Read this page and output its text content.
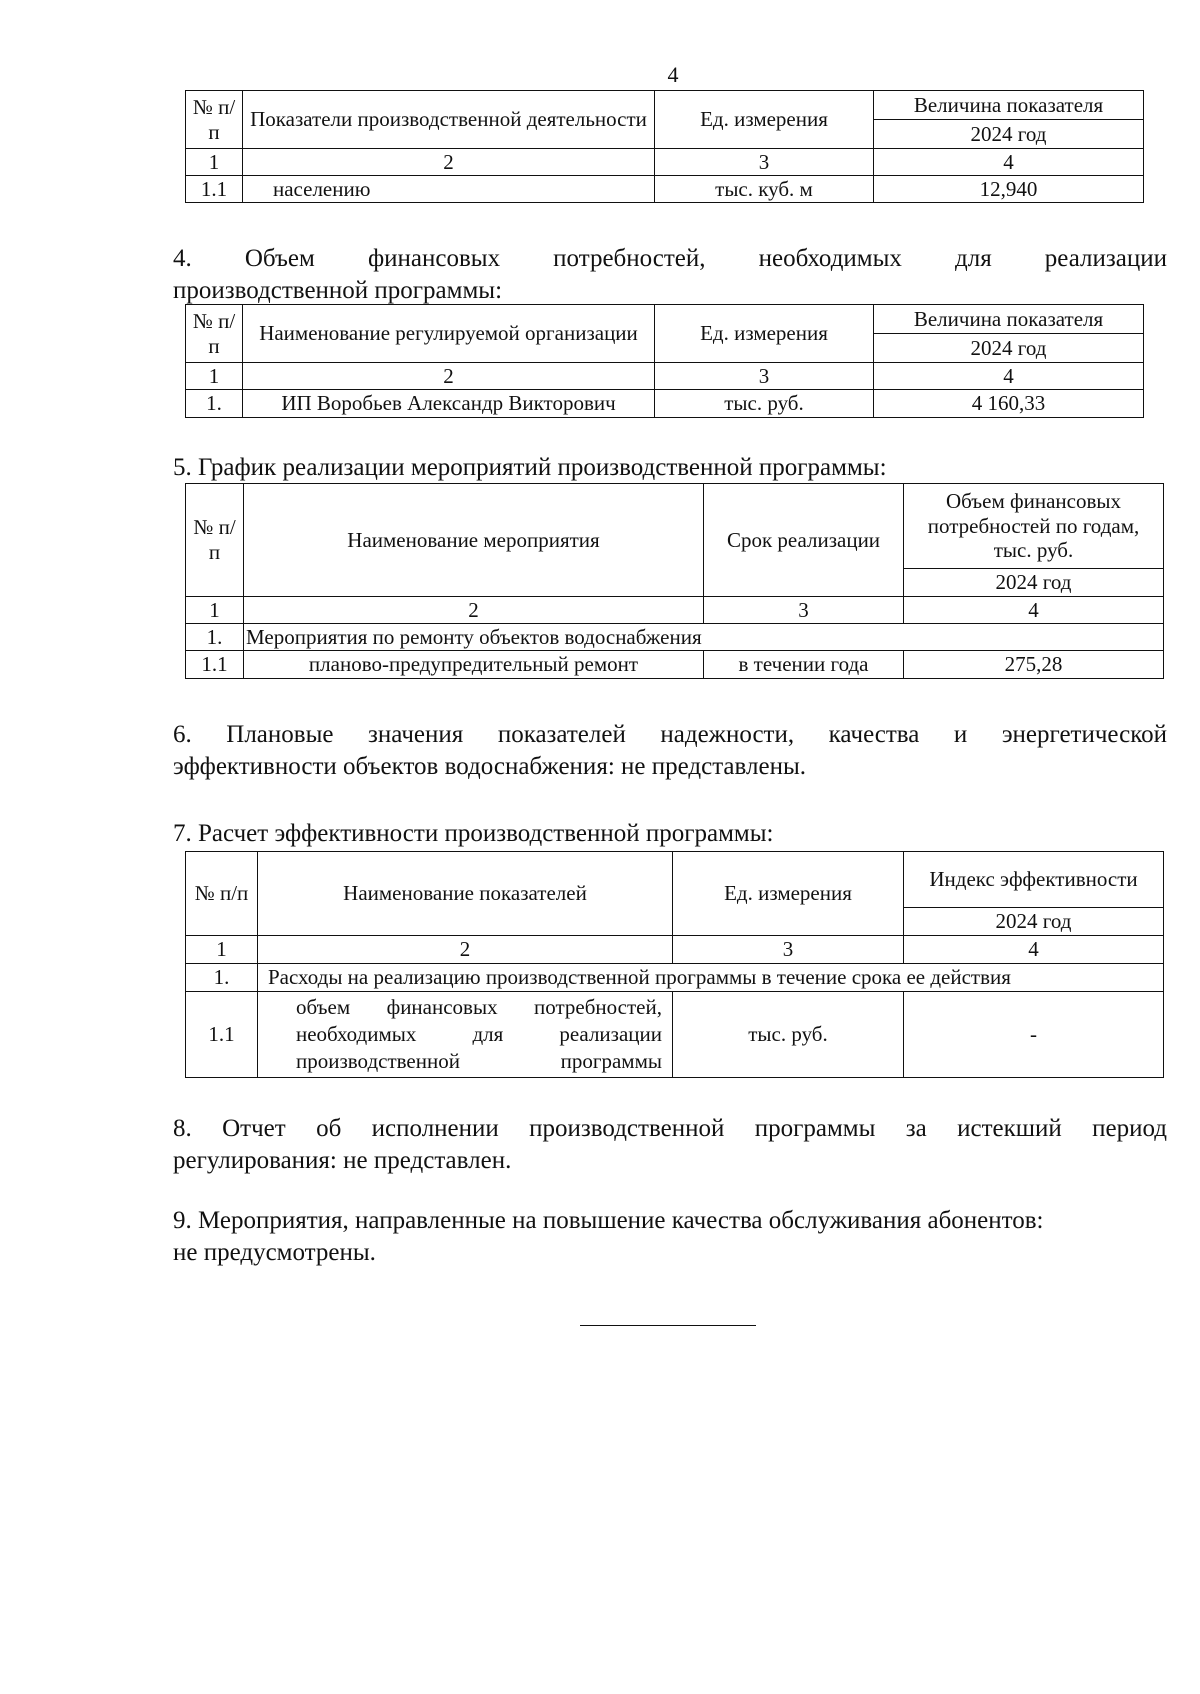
4
№ п/п	Показатели производственной деятельности	Ед. измерения	Величина показателя
			2024 год
1	2	3	4
1.1	населению	тыс. куб. м	12,940
4. Объем финансовых потребностей, необходимых для реализации
производственной программы:
№ п/п	Наименование регулируемой организации	Ед. измерения	Величина показателя
			2024 год
1	2	3	4
1.	ИП Воробьев Александр Викторович	тыс. руб.	4 160,33
5. График реализации мероприятий производственной программы:
№ п/п	Наименование мероприятия	Срок реализации	Объем финансовых потребностей по годам, тыс. руб.
			2024 год
1	2	3	4
1.	Мероприятия по ремонту объектов водоснабжения		
1.1	планово-предупредительный ремонт	в течении года	275,28
6. Плановые значения показателей надежности, качества и энергетической
эффективности объектов водоснабжения: не представлены.
7. Расчет эффективности производственной программы:
№ п/п	Наименование показателей	Ед. измерения	Индекс эффективности
			2024 год
1	2	3	4
1.	Расходы на реализацию производственной программы в течение срока ее действия		
1.1	объем финансовых потребностей, необходимых для реализации производственной программы	тыс. руб.	-
8. Отчет об исполнении производственной программы за истекший период
регулирования: не представлен.
9. Мероприятия, направленные на повышение качества обслуживания абонентов:
не предусмотрены.
